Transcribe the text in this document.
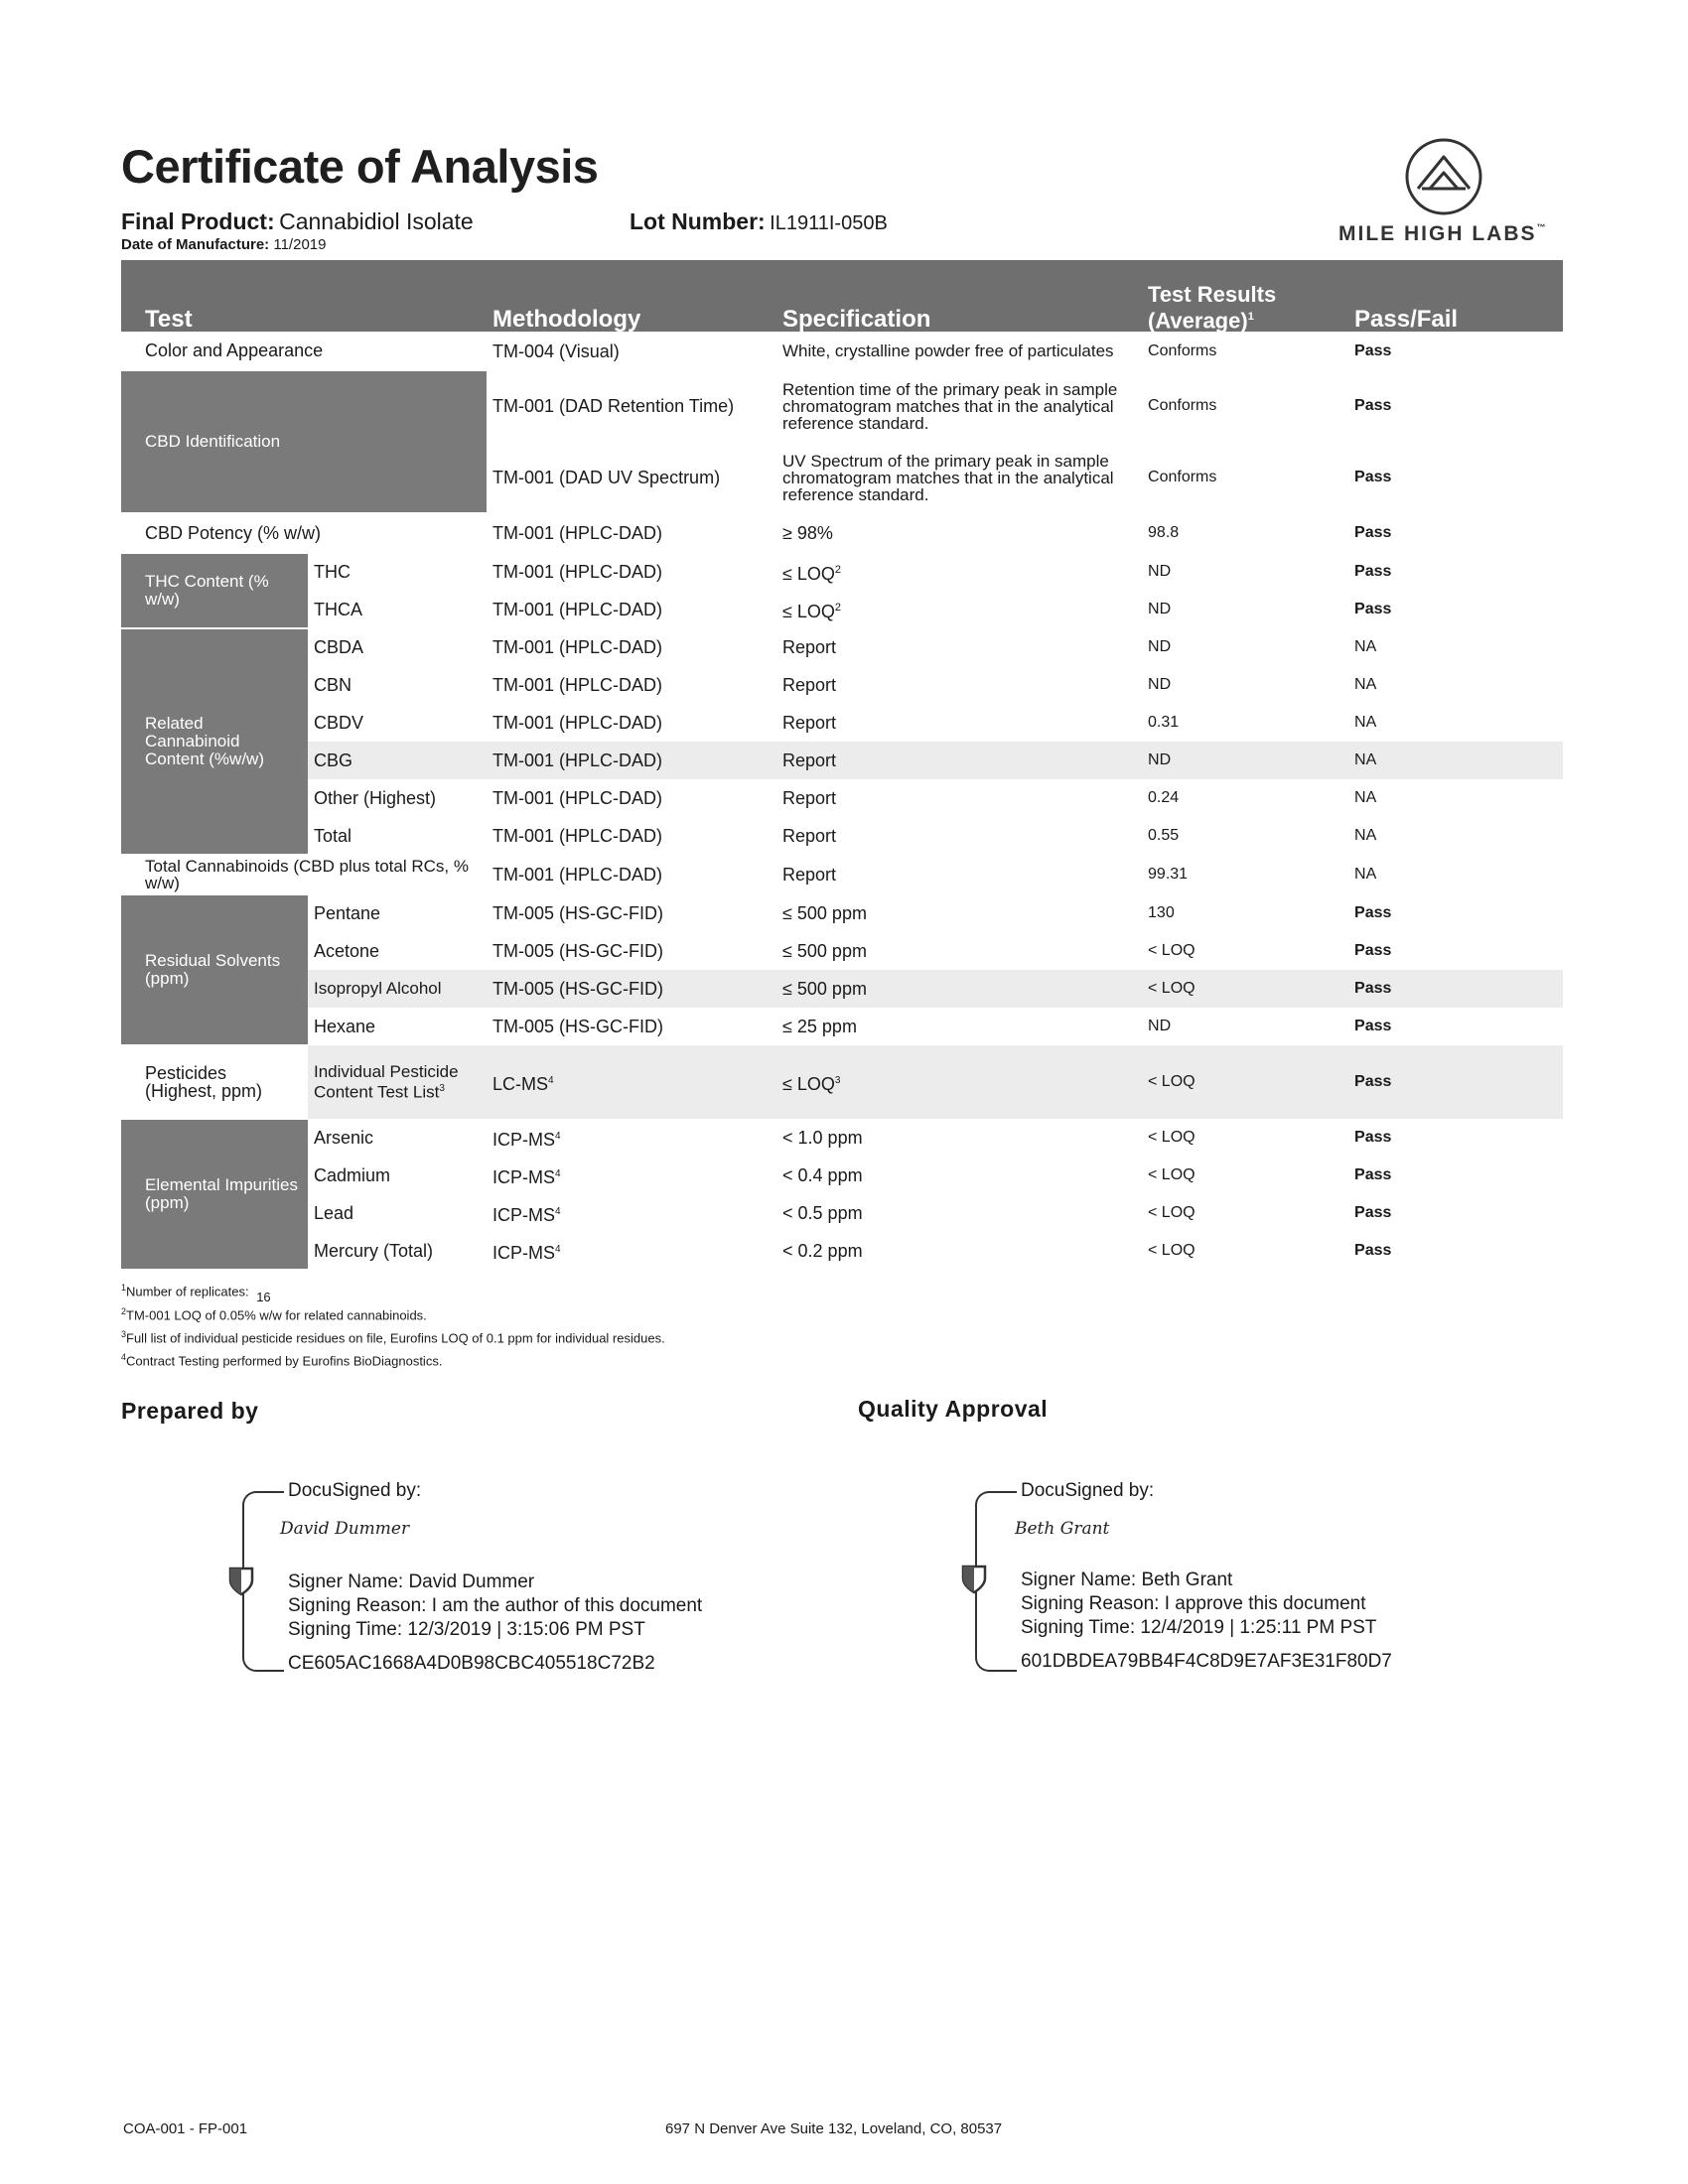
Certificate of Analysis
Final Product: Cannabidiol Isolate	Lot Number: IL1911I-050B
Date of Manufacture: 11/2019	MILE HIGH LABS™
Test		Methodology	Specification	Test Results (Average)$^1$	Pass/Fail
Color and Appearance		TM-004 (Visual)	White, crystalline powder free of particulates	Conforms	Pass
CBD Identification		TM-001 (DAD Retention Time)	Retention time of the primary peak in sample chromatogram matches that in the analytical reference standard.	Conforms	Pass
		TM-001 (DAD UV Spectrum)	UV Spectrum of the primary peak in sample chromatogram matches that in the analytical reference standard.	Conforms	Pass
CBD Potency (% w/w)		TM-001 (HPLC-DAD)	≥ 98%	98.8	Pass
THC Content (% w/w)	THC	TM-001 (HPLC-DAD)	≤ $LOQ^2$	ND	Pass
	THCA	TM-001 (HPLC-DAD)	≤ $LOQ^2$	ND	Pass
Related Cannabinoid Content (%w/w)	CBDA	TM-001 (HPLC-DAD)	Report	ND	NA
	CBN	TM-001 (HPLC-DAD)	Report	ND	NA
	CBDV	TM-001 (HPLC-DAD)	Report	0.31	NA
	CBG	TM-001 (HPLC-DAD)	Report	ND	NA
	Other (Highest)	TM-001 (HPLC-DAD)	Report	0.24	NA
	Total	TM-001 (HPLC-DAD)	Report	0.55	NA
Total Cannabinoids (CBD plus total RCs, % w/w)		TM-001 (HPLC-DAD)	Report	99.31	NA
Residual Solvents (ppm)	Pentane	TM-005 (HS-GC-FID)	≤ 500 ppm	130	Pass
	Acetone	TM-005 (HS-GC-FID)	≤ 500 ppm	< LOQ	Pass
	Isopropyl Alcohol	TM-005 (HS-GC-FID)	≤ 500 ppm	< LOQ	Pass
	Hexane	TM-005 (HS-GC-FID)	≤ 25 ppm	ND	Pass
Pesticides (Highest, ppm)	Individual Pesticide Content Test List$^3$	$LC-MS^4$	≤ $LOQ^3$	< LOQ	Pass
Elemental Impurities (ppm)	Arsenic	ICP-$MS^4$	< 1.0 ppm	< LOQ	Pass
	Cadmium	ICP-$MS^4$	< 0.4 ppm	< LOQ	Pass
	Lead	ICP-$MS^4$	< 0.5 ppm	< LOQ	Pass
	Mercury (Total)	ICP-$MS^4$	< 0.2 ppm	< LOQ	Pass
$^1$Number of replicates: 16
$^2$TM-001 LOQ of 0.05% w/w for related cannabinoids.
$^3$Full list of individual pesticide residues on file, Eurofins LOQ of 0.1 ppm for individual residues.
$^4$Contract Testing performed by Eurofins BioDiagnostics.
Prepared by	Quality Approval
DocuSigned by:
David Dummer
Signer Name: David Dummer
Signing Reason: I am the author of this document
Signing Time: 12/3/2019 | 3:15:06 PM PST
CE605AC1668A4D0B98CBC405518C72B2
DocuSigned by:
Beth Grant
Signer Name: Beth Grant
Signing Reason: I approve this document
Signing Time: 12/4/2019 | 1:25:11 PM PST
601DBDEA79BB4F4C8D9E7AF3E31F80D7
COA-001 - FP-001	697 N Denver Ave Suite 132, Loveland, CO, 80537
